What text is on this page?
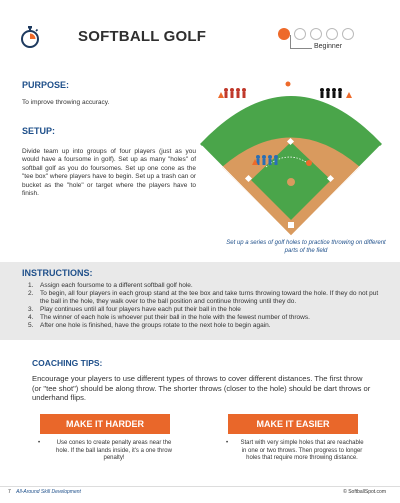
SOFTBALL GOLF
Beginner
PURPOSE:
To improve throwing accuracy.
SETUP:
Divide team up into groups of four players (just as you would have a foursome in golf). Set up as many "holes" of softball golf as you do foursomes. Set up one cone as the "tee box" where players have to begin. Set up a trash can or bucket as the "hole" or target where the players have to finish.
Set up a series of golf holes to practice throwing on different parts of the field
INSTRUCTIONS:
1. Assign each foursome to a different softball golf hole.
2. To begin, all four players in each group stand at the tee box and take turns throwing toward the hole. If they do not put the ball in the hole, they walk over to the ball position and continue throwing until they do.
3. Play continues until all four players have each put their ball in the hole
4. The winner of each hole is whoever put their ball in the hole with the fewest number of throws.
5. After one hole is finished, have the groups rotate to the next hole to begin again.
COACHING TIPS:
Encourage your players to use different types of throws to cover different distances. The first throw (or "tee shot") should be along throw. The shorter throws (closer to the hole) should be dart throws or underhand flips.
MAKE IT HARDER	MAKE IT EASIER
•	Use cones to create penalty areas near the hole. If the ball lands inside, it's a one throw penalty!
• Start with very simple holes that are reachable in one or two throws. Then progress to longer holes that require more throwing distance.
7 All-Around Skill Development	© SoftballSpot.com
